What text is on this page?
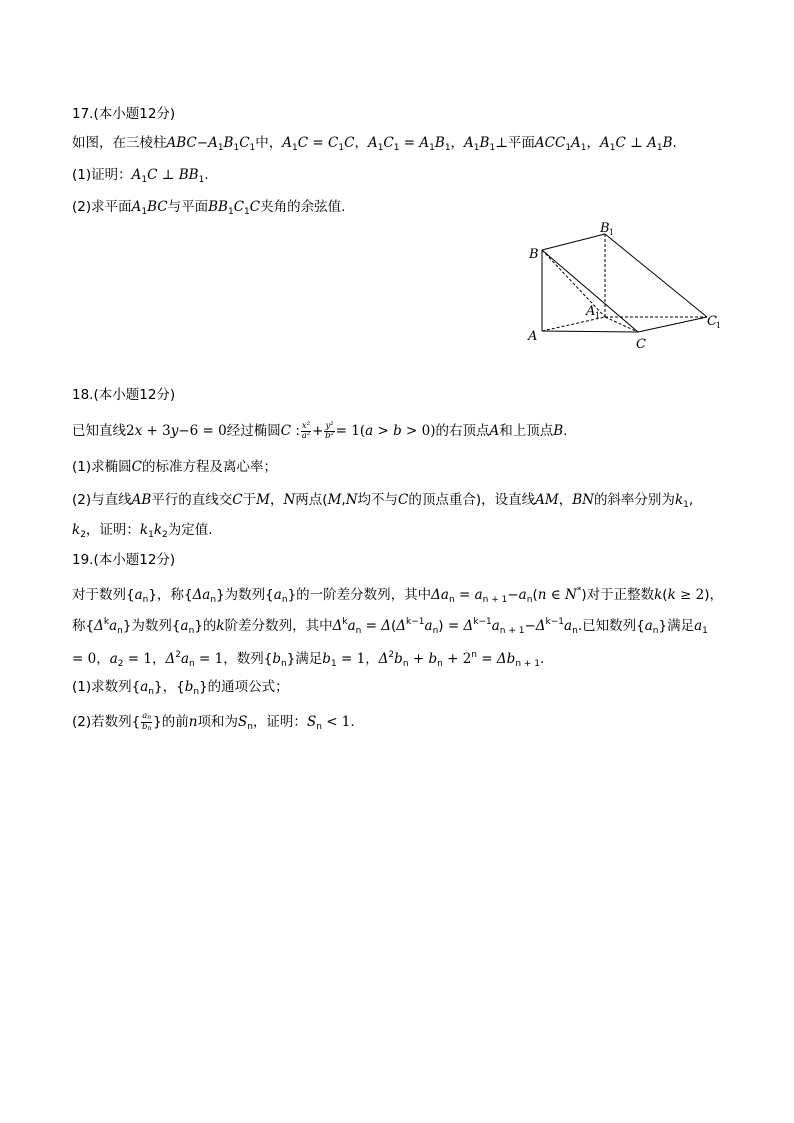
17.(本小题12分)
如图，在三棱柱$ABC-A_1B_1C_1$中，$A_1C = C_1C$，$A_1C_1 = A_1B_1$，$A_1B_1\perp$平面$ACC_1A_1$，$A_1C$ ⊥ $A_1B$.
(1)证明：$A_1C$ ⊥ $BB_1$.
(2)求平面$A_1BC$与平面$BB_1C_1C$夹角的余弦值.
B
B 1
A 1
A
C
C 1
18.(本小题12分)
已知直线2x + 3y−6 = 0经过椭圆C : $\frac{\text{x²}}{\text{a²}} + \frac{\text{y²}}{\text{b²}} = 1(a > b > 0)$的右顶点A和上顶点B.
(1)求椭圆C的标准方程及离心率；
(2)与直线AB平行的直线交C于M，N两点(M,N均不与C的顶点重合)，设直线AM，BN的斜率分别为$k_1$,
$k_2$，证明：$k_1k_2$为定值.
19.(本小题12分)
对于数列$\{a_n\}$，称$\{\Delta a_n\}$为数列$\{a_n\}$的一阶差分数列，其中$\Delta a_n = a_{n + 1}-a_n(n$ ∈ N*)对于正整数k(k ≥ 2)，
称$\{\Delta^ka_n\}$为数列$\{a_n\}$的k阶差分数列，其中$\Delta^ka_n = \Delta(\Delta^{k-1}a_n) = \Delta^{k-1}a_{n + 1}-\Delta^{k-1}a_n$.已知数列$\{a_n\}$满足$a_1$
= 0，$a_2 = 1$，$\Delta^2a_n = 1$，数列$\{b_n\}$满足$b_1 = 1$，$\Delta^2b_n + b_n + 2^n = \Delta b_{n + 1}$.
(1)求数列$\{a_n\}$，$\{b_n\}$的通项公式；
(2)若数列{ $\frac{a_n}{b_n}$ }的前n项和为$S_n$，证明：$S_n < 1$.
